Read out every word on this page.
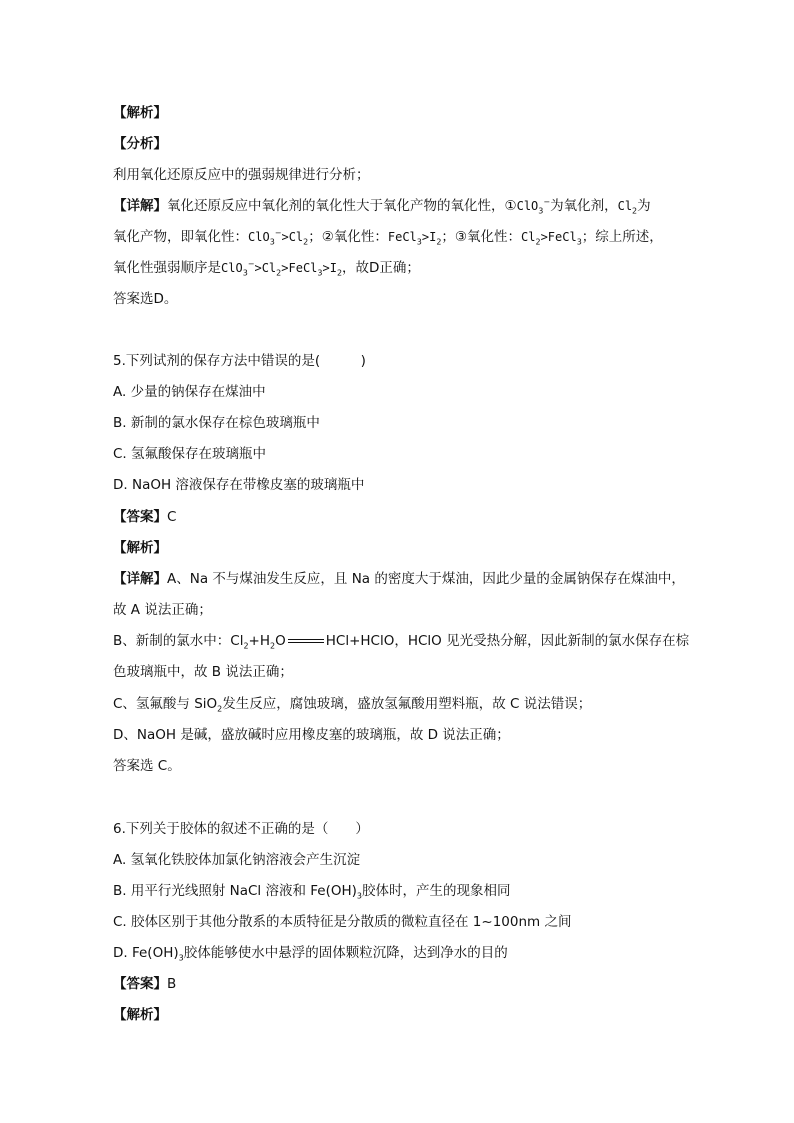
【解析】
【分析】
利用氧化还原反应中的强弱规律进行分析；
【详解】氧化还原反应中氧化剂的氧化性大于氧化产物的氧化性，①ClO$_3$−为氧化剂，$Cl_2$为
氧化产物，即氧化性：$ClO_3^->Cl_2$；②氧化性：$FeCl_3>I_2$；③氧化性：$Cl_2>FeCl_3$；综上所述，
氧化性强弱顺序是$ClO_3^->Cl_2>FeCl_3>I_2$，故D正确；
答案选D。
5.下列试剂的保存方法中错误的是(　　　)
A. 少量的钠保存在煤油中
B. 新制的氯水保存在棕色玻璃瓶中
C. 氢氟酸保存在玻璃瓶中
D. NaOH 溶液保存在带橡皮塞的玻璃瓶中
【答案】C
【解析】
【详解】A、Na 不与煤油发生反应，且 Na 的密度大于煤油，因此少量的金属钠保存在煤油中，
故 A 说法正确；
B、新制的氯水中：$Cl_2+H_2O$	HCl+HClO，HClO 见光受热分解，因此新制的氯水保存在棕
色玻璃瓶中，故 B 说法正确；
C、氢氟酸与 SiO$_2$发生反应，腐蚀玻璃，盛放氢氟酸用塑料瓶，故 C 说法错误；
D、NaOH 是碱，盛放碱时应用橡皮塞的玻璃瓶，故 D 说法正确；
答案选 C。
6.下列关于胶体的叙述不正确的是（　　）
A. 氢氧化铁胶体加氯化钠溶液会产生沉淀
B. 用平行光线照射 NaCl 溶液和 $Fe(OH)_3$胶体时，产生的现象相同
C. 胶体区别于其他分散系的本质特征是分散质的微粒直径在 1~100nm 之间
D. $Fe(OH)_3$胶体能够使水中悬浮的固体颗粒沉降，达到净水的目的
【答案】B
【解析】
